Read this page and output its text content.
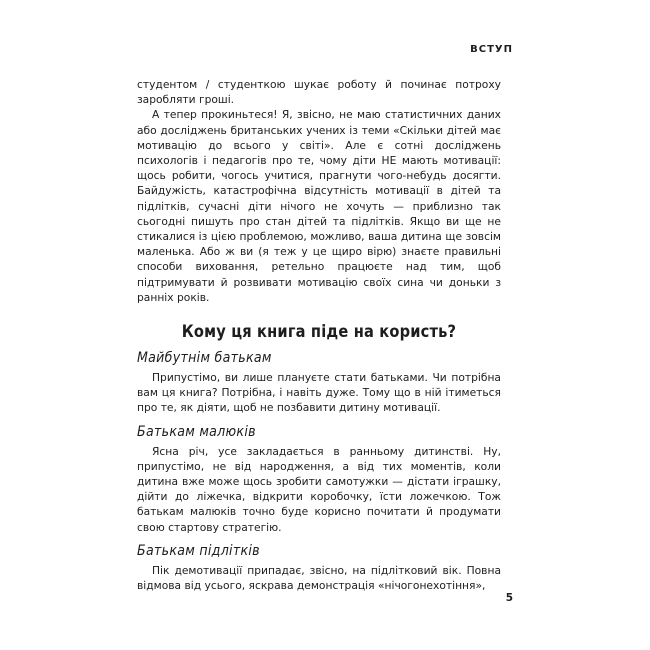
ВСТУП

студентом / студенткою шукає роботу й починає потроху заробляти гроші.

А тепер прокиньтеся! Я, звісно, не маю статистичних даних або досліджень британських учених із теми «Скільки дітей має мотивацію до всього у світі». Але є сотні досліджень психологів і педагогів про те, чому діти НЕ мають мотивації: щось робити, чогось учитися, прагнути чого-небудь досягти. Байдужість, катастрофічна відсутність мотивації в дітей та підлітків, сучасні діти нічого не хочуть — приблизно так сьогодні пишуть про стан дітей та підлітків. Якщо ви ще не стикалися із цією проблемою, можливо, ваша дитина ще зовсім маленька. Або ж ви (я теж у це щиро вірю) знаєте правильні способи виховання, ретельно працюєте над тим, щоб підтримувати й розвивати мотивацію своїх сина чи доньки з ранніх років.

Кому ця книга піде на користь?
Майбутнім батькам

Припустімо, ви лише плануєте стати батьками. Чи потрібна вам ця книга? Потрібна, і навіть дуже. Тому що в ній ітиметься про те, як діяти, щоб не позбавити дитину мотивації.

Батькам малюків

Ясна річ, усе закладається в ранньому дитинстві. Ну, припустімо, не від народження, а від тих моментів, коли дитина вже може щось зробити самотужки — дістати іграшку, дійти до ліжечка, відкрити коробочку, їсти ложечкою. Тож батькам малюків точно буде корисно почитати й продумати свою стартову стратегію.

Батькам підлітків

Пік демотивації припадає, звісно, на підлітковий вік. Повна відмова від усього, яскрава демонстрація «нічогонехотіння»,

5
